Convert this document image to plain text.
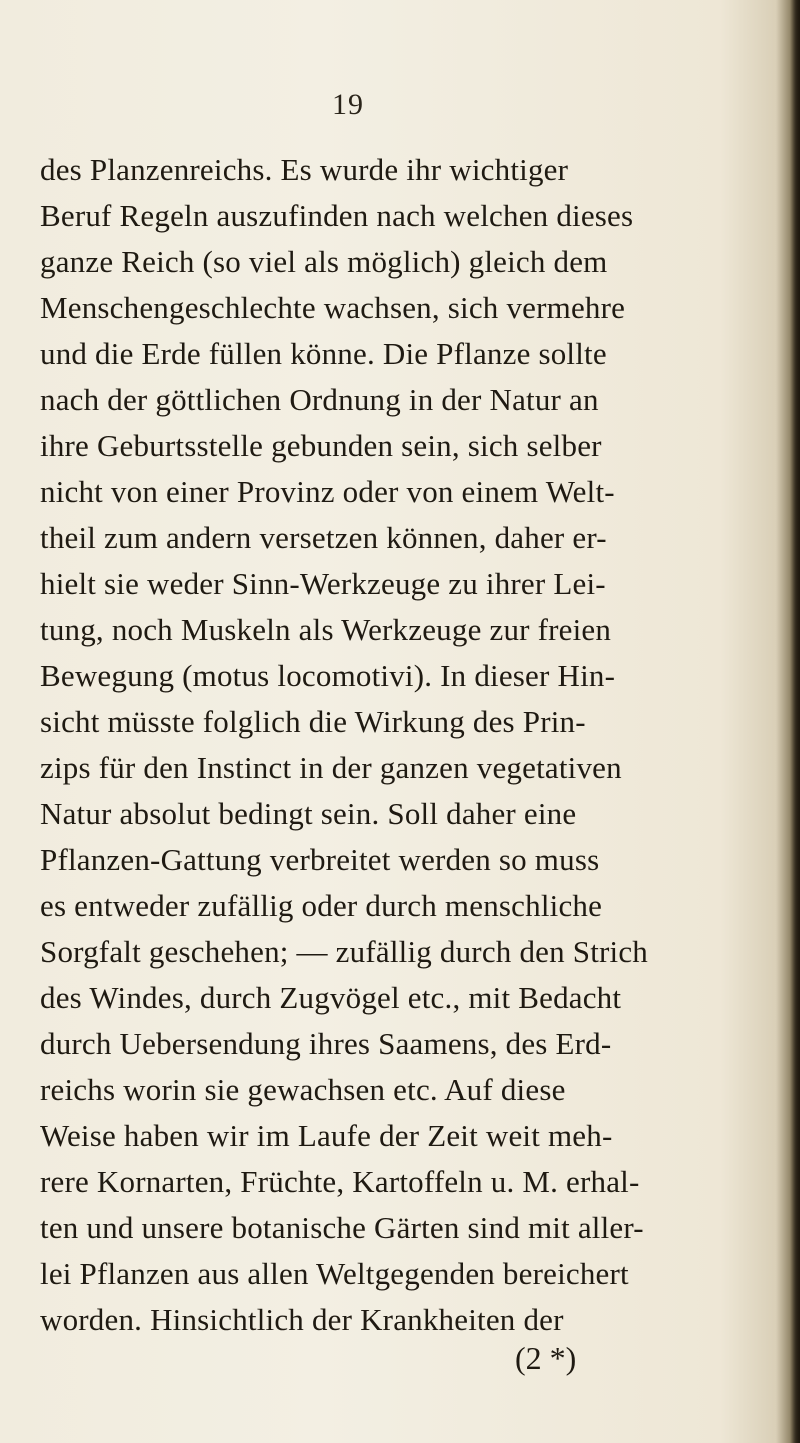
19
des Planzenreichs. Es wurde ihr wichtiger
Beruf Regeln auszufinden nach welchen dieses
ganze Reich (so viel als möglich) gleich dem
Menschengeschlechte wachsen, sich vermehre
und die Erde füllen könne. Die Pflanze sollte
nach der göttlichen Ordnung in der Natur an
ihre Geburtsstelle gebunden sein, sich selber
nicht von einer Provinz oder von einem Welt-
theil zum andern versetzen können, daher er-
hielt sie weder Sinn-Werkzeuge zu ihrer Lei-
tung, noch Muskeln als Werkzeuge zur freien
Bewegung (motus locomotivi). In dieser Hin-
sicht müsste folglich die Wirkung des Prin-
zips für den Instinct in der ganzen vegetativen
Natur absolut bedingt sein. Soll daher eine
Pflanzen-Gattung verbreitet werden so muss
es entweder zufällig oder durch menschliche
Sorgfalt geschehen; — zufällig durch den Strich
des Windes, durch Zugvögel etc., mit Bedacht
durch Uebersendung ihres Saamens, des Erd-
reichs worin sie gewachsen etc. Auf diese
Weise haben wir im Laufe der Zeit weit meh-
rere Kornarten, Früchte, Kartoffeln u. M. erhal-
ten und unsere botanische Gärten sind mit aller-
lei Pflanzen aus allen Weltgegenden bereichert
worden. Hinsichtlich der Krankheiten der
(2 *)
